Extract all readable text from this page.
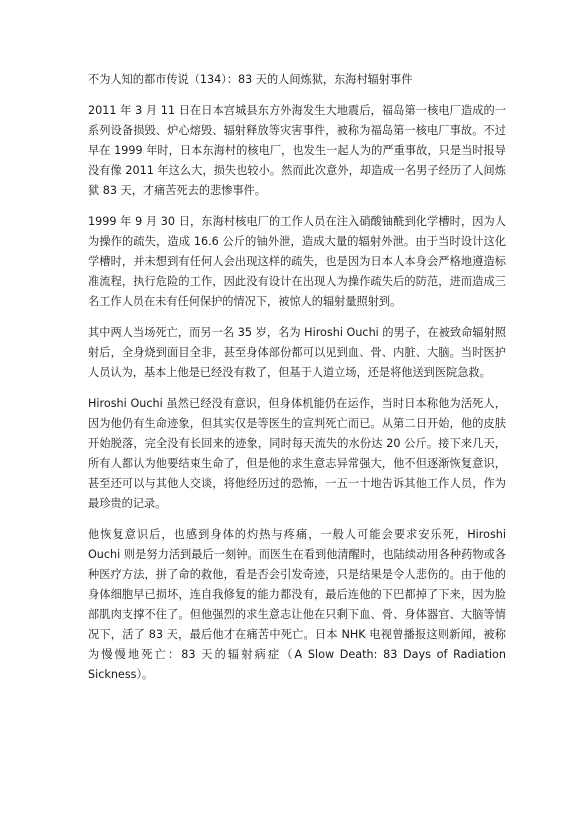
不为人知的都市传说（134）：83 天的人间炼狱，东海村辐射事件
2011 年 3 月 11 日在日本宫城县东方外海发生大地震后，福岛第一核电厂造成的一系列设备损毁、炉心熔毁、辐射释放等灾害事件，被称为福岛第一核电厂事故。不过早在 1999 年时，日本东海村的核电厂，也发生一起人为的严重事故，只是当时报导没有像 2011 年这么大，损失也较小。然而此次意外，却造成一名男子经历了人间炼狱 83 天，才痛苦死去的悲惨事件。
1999 年 9 月 30 日，东海村核电厂的工作人员在注入硝酸铀酰到化学槽时，因为人为操作的疏失，造成 16.6 公斤的铀外泄，造成大量的辐射外泄。由于当时设计这化学槽时，并未想到有任何人会出现这样的疏失，也是因为日本人本身会严格地遵造标准流程，执行危险的工作，因此没有设计在出现人为操作疏失后的防范，进而造成三名工作人员在未有任何保护的情况下，被惊人的辐射量照射到。
其中两人当场死亡，而另一名 35 岁，名为 Hiroshi Ouchi 的男子，在被致命辐射照射后，全身烧到面目全非，甚至身体部份都可以见到血、骨、内脏、大脑。当时医护人员认为，基本上他是已经没有救了，但基于人道立场，还是将他送到医院急救。
Hiroshi Ouchi 虽然已经没有意识，但身体机能仍在运作，当时日本称他为活死人，因为他仍有生命迹象，但其实仅是等医生的宣判死亡而已。从第二日开始，他的皮肤开始脱落，完全没有长回来的迹象，同时每天流失的水份达 20 公斤。接下来几天，所有人都认为他要结束生命了，但是他的求生意志异常强大，他不但逐渐恢复意识，甚至还可以与其他人交谈，将他经历过的恐怖，一五一十地告诉其他工作人员，作为最珍贵的记录。
他恢复意识后，也感到身体的灼热与疼痛，一般人可能会要求安乐死，Hiroshi Ouchi 则是努力活到最后一刻钟。而医生在看到他清醒时，也陆续动用各种药物或各种医疗方法，拼了命的救他，看是否会引发奇迹，只是结果是令人悲伤的。由于他的身体细胞早已损坏，连自我修复的能力都没有，最后连他的下巴都掉了下来，因为脸部肌肉支撑不住了。但他强烈的求生意志让他在只剩下血、骨、身体器官、大脑等情况下，活了 83 天，最后他才在痛苦中死亡。日本 NHK 电视曾播报这则新闻，被称为慢慢地死亡：83 天的辐射病症（A Slow Death: 83 Days of Radiation Sickness）。
